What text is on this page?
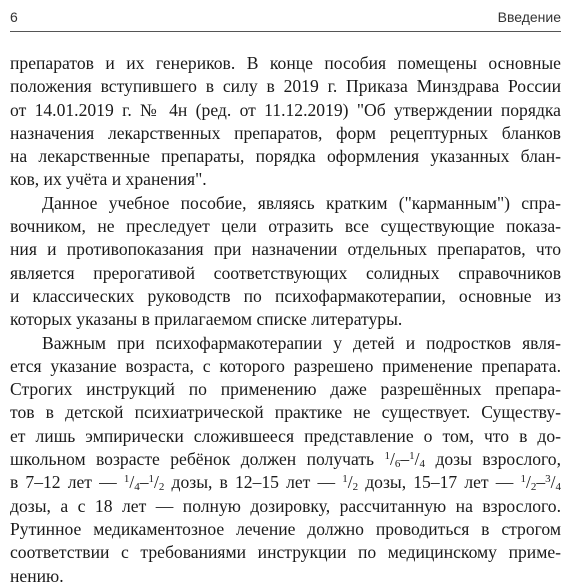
6	Введение
препаратов и их генериков. В конце пособия помещены основные
положения вступившего в силу в 2019 г. Приказа Минздрава России
от 14.01.2019 г. № 4н (ред. от 11.12.2019) "Об утверждении порядка
назначения лекарственных препаратов, форм рецептурных бланков
на лекарственные препараты, порядка оформления указанных блан-
ков, их учёта и хранения".
Данное учебное пособие, являясь кратким ("карманным") спра-
вочником, не преследует цели отразить все существующие показа-
ния и противопоказания при назначении отдельных препаратов, что
является прерогативой соответствующих солидных справочников
и классических руководств по психофармакотерапии, основные из
которых указаны в прилагаемом списке литературы.
Важным при психофармакотерапии у детей и подростков явля-
ется указание возраста, с которого разрешено применение препарата.
Строгих инструкций по применению даже разрешённых препара-
тов в детской психиатрической практике не существует. Существу-
ет лишь эмпирически сложившееся представление о том, что в до-
школьном возрасте ребёнок должен получать $^1/_6-^1/_4$ дозы взрослого,
в 7–12 лет — $^1/_4-^1/_2$ дозы, в 12–15 лет — $^1/_2$ дозы, 15–17 лет — $^1/_2-^3/_4$
дозы, а с 18 лет — полную дозировку, рассчитанную на взрослого.
Рутинное медикаментозное лечение должно проводиться в строгом
соответствии с требованиями инструкции по медицинскому приме-
нению.
